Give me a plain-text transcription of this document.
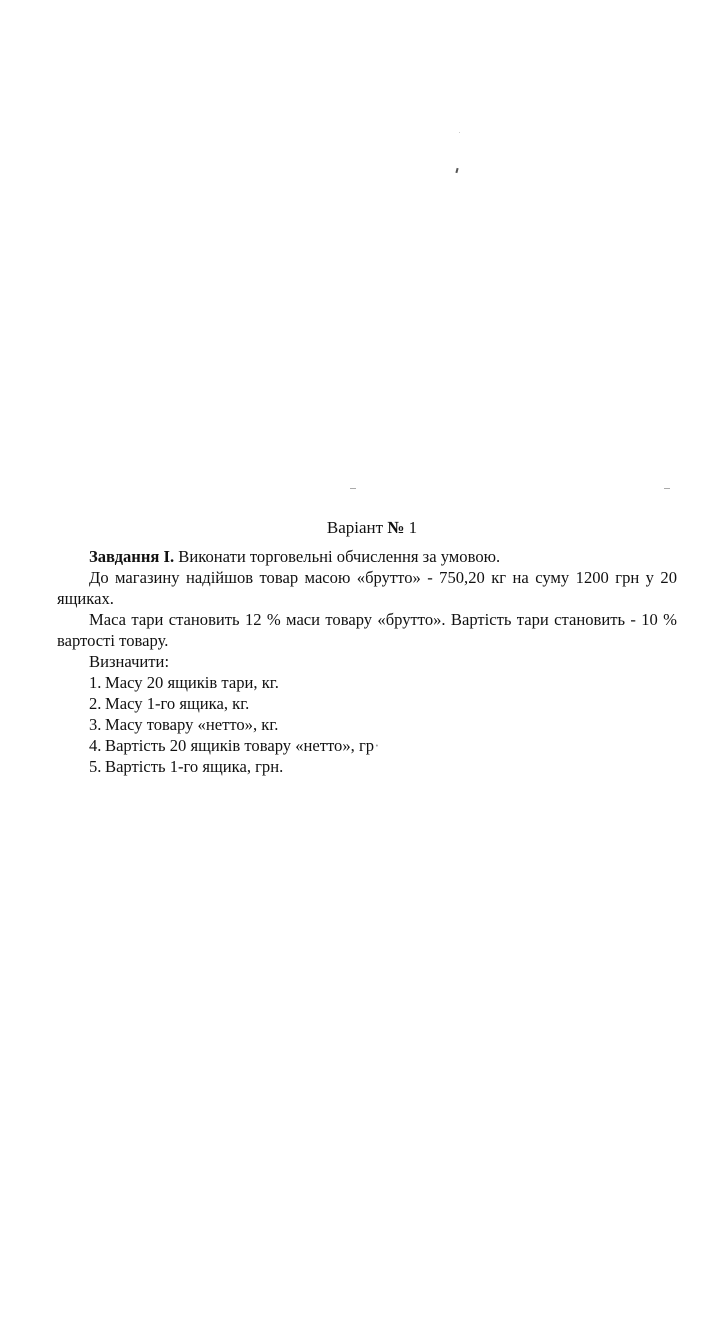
Варіант № 1

Завдання I. Виконати торговельні обчислення за умовою.

До магазину надійшов товар масою «брутто» - 750,20 кг на суму 1200 грн у 20 ящиках.

Маса тари становить 12 % маси товару «брутто». Вартість тари становить - 10 % вартості товару.

Визначити:

1. Масу 20 ящиків тари, кг.
2. Масу 1-го ящика, кг.
3. Масу товару «нетто», кг.
4. Вартість 20 ящиків товару «нетто», гр·
5. Вартість 1-го ящика, грн.
